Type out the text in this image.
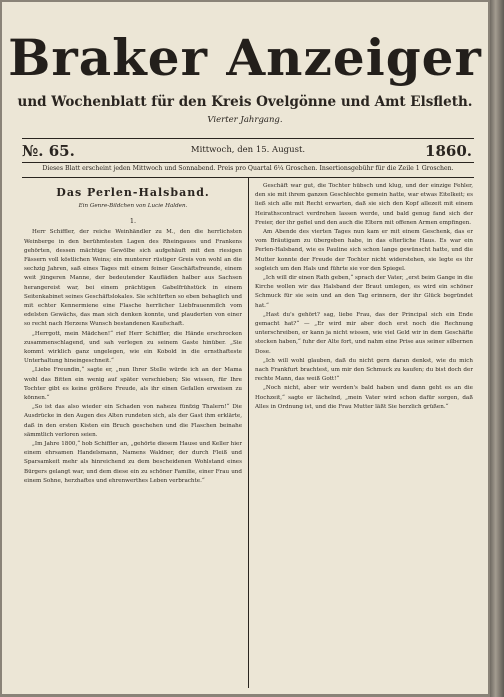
Braker Anzeiger
und Wochenblatt für den Kreis Ovelgönne und Amt Elsfleth.
Vierter Jahrgang.
№. 65.	Mittwoch, den 15. August.	1860.
Dieses Blatt erscheint jeden Mittwoch und Sonnabend. Preis pro Quartal 6¼ Groschen. Insertionsgebühr für die Zeile 1 Groschen.
Das Perlen-Halsband.
Ein Genre-Bildchen von Lucie Halden.
1.

Herr Schiffler, der reiche Weinhändler zu M., den die herrlichsten Weinberge in den berühmtesten Lagen des Rheingaues und Frankens gehörten, dessen mächtige Gewölbe sich aufgehäuft mit den riesigen Fässern voll köstlichen Weins; ein munterer rüstiger Greis von wohl an die sechzig Jahren, saß eines Tages mit einem feiner Geschäftsfreunde, einem weit jüngeren Manne, der bedeutender Kaufläden halber aus Sachsen herangereist war, bei einem prächtigen Gabelfrühstück in einem Seitenkabinet seines Geschäftslokales. Sie schlürften so eben behaglich und mit echter Kennermiene eine Flasche herrlicher Liebfrauenmilch vom edelsten Gewächs, das man sich denken konnte, und plauderten von einer so recht nach Herzens Wunsch bestandenen Kaufschaft.

„Herrgott, mein Mädchen!“ rief Herr Schiffler, die Hände erschrocken zusammenschlagend, und sah verlegen zu seinem Gaste hinüber. „Sie kommt wirklich ganz ungelegen, wie ein Kobold in die ernsthafteste Unterhaltung hineingeschneit.“

„Liebe Freundin,“ sagte er, „nun Ihrer Stelle würde ich an der Mama wohl das Bitten ein wenig auf später verschieben; Sie wissen, für Ihre Tochter gibt es keine größere Freude, als ihr einen Gefallen erweisen zu können.“

„So ist das also wieder ein Schaden von nahezu fünfzig Thalern!“ Die Ausdrücke in den Augen des Alten rundeten sich, als der Gast ihm erklärte, daß in den ersten Kisten ein Bruch geschehen und die Flaschen beinahe sämmtlich verloren seien.

„Im Jahre 1800,“ hob Schiffler an, „gehörte diesem Hause und Keller hier einem ehrsamen Handelsmann, Namens Waldner, der durch Fleiß und Sparsamkeit mehr als hinreichend zu dem bescheidenen Wohlstand eines Bürgers gelangt war, und dem diese ein zu schöner Familie, einer Frau und einem Sohne, herzhaftes und ehrenwerthes Leben verbrachte.“

Geschäft war gut, die Tochter hübsch und klug, und der einzige Fehler, den sie mit ihrem ganzen Geschlechte gemein hatte, war etwas Eitelkeit; es ließ sich alle mit Recht erwarten, daß sie sich den Kopf allezeit mit einem Heirathscontract verdrehen lassen werde, und bald genug fand sich der Freier, der ihr gefiel und den auch die Eltern mit offenen Armen empfingen.

Am Abende des vierten Tages nun kam er mit einem Geschenk, das er vom Bräutigam zu übergeben habe, in das elterliche Haus. Es war ein Perlen-Halsband, wie es Pauline sich schon lange gewünscht hatte, und die Mutter konnte der Freude der Tochter nicht widerstehen, sie legte es ihr sogleich um den Hals und führte sie vor den Spiegel.

„Ich will dir einen Rath geben,“ sprach der Vater, „erst beim Gange in die Kirche wollen wir das Halsband der Braut umlegen, es wird ein schöner Schmuck für sie sein und an den Tag erinnern, der ihr Glück begründet hat.“

„Hast du's gehört? sag, liebe Frau, das der Principal sich ein Ende gemacht hat?“ — „Er wird mir aber doch erst noch die Rechnung unterschreiben, er kann ja nicht wissen, wie viel Geld wir in dem Geschäfte stecken haben,“ fuhr der Alte fort, und nahm eine Prise aus seiner silbernen Dose.

„Ich will wohl glauben, daß du nicht gern daran denkst, wie du mich nach Frankfurt brachtest, um mir den Schmuck zu kaufen; du bist doch der rechte Mann, das weiß Gott!“

„Noch nicht, aber wir werden's bald haben und dann geht es an die Hochzeit,“ sagte er lächelnd, „mein Vater wird schon dafür sorgen, daß Alles in Ordnung ist, und die Frau Mutter läßt Sie herzlich grüßen.“
